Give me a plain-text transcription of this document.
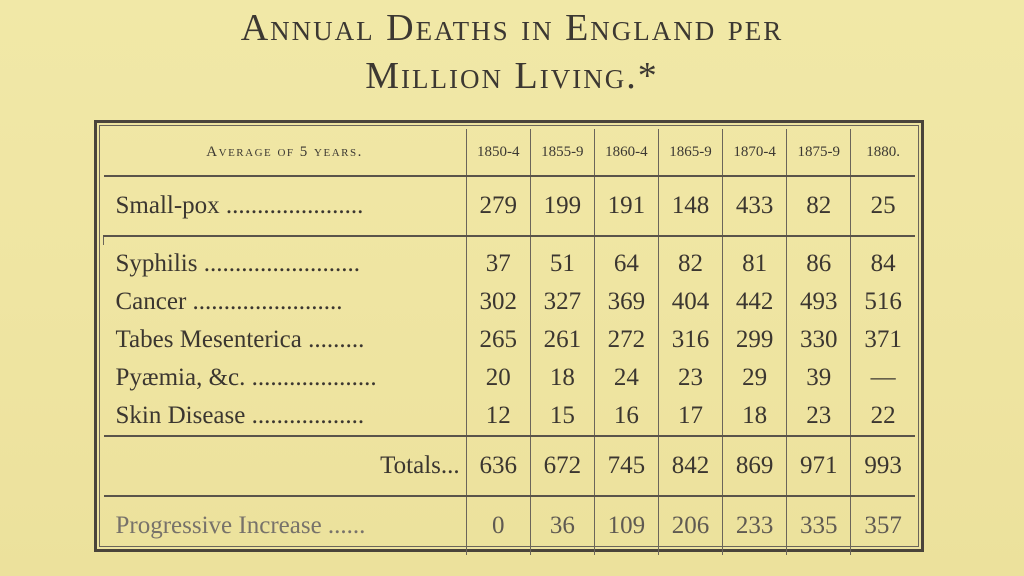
Annual Deaths in England per
Million Living.*
Average of 5 years.	1850-4	1855-9	1860-4	1865-9	1870-4	1875-9	1880.
Small-pox ......................	279	199	191	148	433	82	25

Syphilis .........................	37	51	64	82	81	86	84
Cancer ........................	302	327	369	404	442	493	516
Tabes Mesenterica .........	265	261	272	316	299	330	371
Pyæmia, &c. ....................	20	18	24	23	29	39	—
Skin Disease ..................	12	15	16	17	18	23	22
Totals...	636	672	745	842	869	971	993
Progressive Increase ......	0	36	109	206	233	335	357
